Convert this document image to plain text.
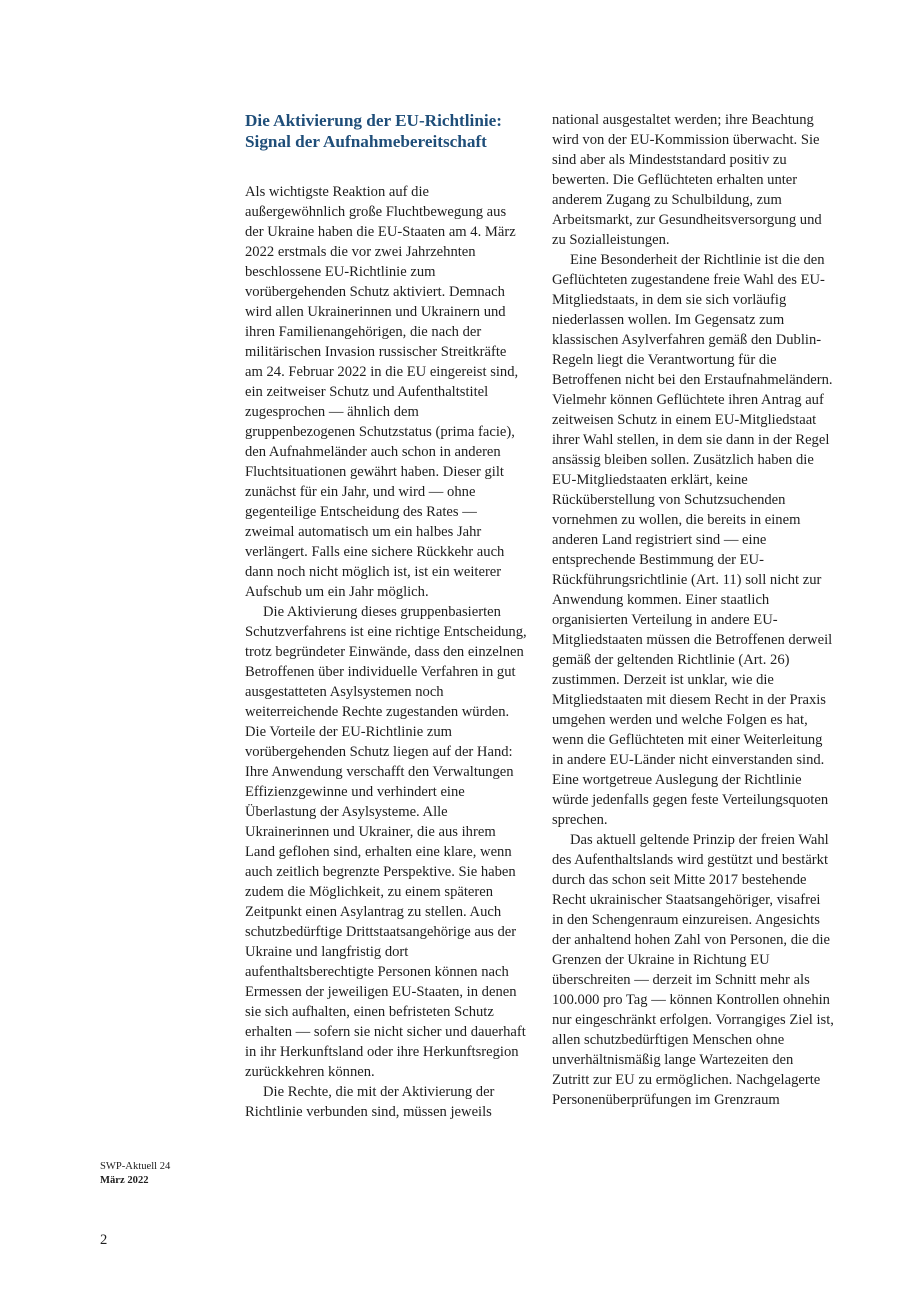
Die Aktivierung der EU-Richtlinie:
Signal der Aufnahmebereitschaft

Als wichtigste Reaktion auf die außergewöhnlich große Fluchtbewegung aus der Ukraine haben die EU-Staaten am 4. März 2022 erstmals die vor zwei Jahrzehnten beschlossene EU-Richtlinie zum vorübergehenden Schutz aktiviert. Demnach wird allen Ukrainerinnen und Ukrainern und ihren Familienangehörigen, die nach der militärischen Invasion russischer Streitkräfte am 24. Februar 2022 in die EU eingereist sind, ein zeitweiser Schutz und Aufenthaltstitel zugesprochen — ähnlich dem gruppenbezogenen Schutzstatus (prima facie), den Aufnahmeländer auch schon in anderen Fluchtsituationen gewährt haben. Dieser gilt zunächst für ein Jahr, und wird — ohne gegenteilige Entscheidung des Rates — zweimal automatisch um ein halbes Jahr verlängert. Falls eine sichere Rückkehr auch dann noch nicht möglich ist, ist ein weiterer Aufschub um ein Jahr möglich.

Die Aktivierung dieses gruppenbasierten Schutzverfahrens ist eine richtige Entscheidung, trotz begründeter Einwände, dass den einzelnen Betroffenen über individuelle Verfahren in gut ausgestatteten Asylsystemen noch weiterreichende Rechte zugestanden würden. Die Vorteile der EU-Richtlinie zum vorübergehenden Schutz liegen auf der Hand: Ihre Anwendung verschafft den Verwaltungen Effizienzgewinne und verhindert eine Überlastung der Asylsysteme. Alle Ukrainerinnen und Ukrainer, die aus ihrem Land geflohen sind, erhalten eine klare, wenn auch zeitlich begrenzte Perspektive. Sie haben zudem die Möglichkeit, zu einem späteren Zeitpunkt einen Asylantrag zu stellen. Auch schutzbedürftige Drittstaatsangehörige aus der Ukraine und langfristig dort aufenthaltsberechtigte Personen können nach Ermessen der jeweiligen EU-Staaten, in denen sie sich aufhalten, einen befristeten Schutz erhalten — sofern sie nicht sicher und dauerhaft in ihr Herkunftsland oder ihre Herkunftsregion zurückkehren können.

Die Rechte, die mit der Aktivierung der Richtlinie verbunden sind, müssen jeweils

national ausgestaltet werden; ihre Beachtung wird von der EU-Kommission überwacht. Sie sind aber als Mindeststandard positiv zu bewerten. Die Geflüchteten erhalten unter anderem Zugang zu Schulbildung, zum Arbeitsmarkt, zur Gesundheitsversorgung und zu Sozialleistungen.

Eine Besonderheit der Richtlinie ist die den Geflüchteten zugestandene freie Wahl des EU-Mitgliedstaats, in dem sie sich vorläufig niederlassen wollen. Im Gegensatz zum klassischen Asylverfahren gemäß den Dublin-Regeln liegt die Verantwortung für die Betroffenen nicht bei den Erstaufnahmeländern. Vielmehr können Geflüchtete ihren Antrag auf zeitweisen Schutz in einem EU-Mitgliedstaat ihrer Wahl stellen, in dem sie dann in der Regel ansässig bleiben sollen. Zusätzlich haben die EU-Mitgliedstaaten erklärt, keine Rücküberstellung von Schutzsuchenden vornehmen zu wollen, die bereits in einem anderen Land registriert sind — eine entsprechende Bestimmung der EU-Rückführungsrichtlinie (Art. 11) soll nicht zur Anwendung kommen. Einer staatlich organisierten Verteilung in andere EU-Mitgliedstaaten müssen die Betroffenen derweil gemäß der geltenden Richtlinie (Art. 26) zustimmen. Derzeit ist unklar, wie die Mitgliedstaaten mit diesem Recht in der Praxis umgehen werden und welche Folgen es hat, wenn die Geflüchteten mit einer Weiterleitung in andere EU-Länder nicht einverstanden sind. Eine wortgetreue Auslegung der Richtlinie würde jedenfalls gegen feste Verteilungsquoten sprechen.

Das aktuell geltende Prinzip der freien Wahl des Aufenthaltslands wird gestützt und bestärkt durch das schon seit Mitte 2017 bestehende Recht ukrainischer Staatsangehöriger, visafrei in den Schengenraum einzureisen. Angesichts der anhaltend hohen Zahl von Personen, die die Grenzen der Ukraine in Richtung EU überschreiten — derzeit im Schnitt mehr als 100.000 pro Tag — können Kontrollen ohnehin nur eingeschränkt erfolgen. Vorrangiges Ziel ist, allen schutzbedürftigen Menschen ohne unverhältnismäßig lange Wartezeiten den Zutritt zur EU zu ermöglichen. Nachgelagerte Personenüberprüfungen im Grenzraum

SWP-Aktuell 24
März 2022
2
